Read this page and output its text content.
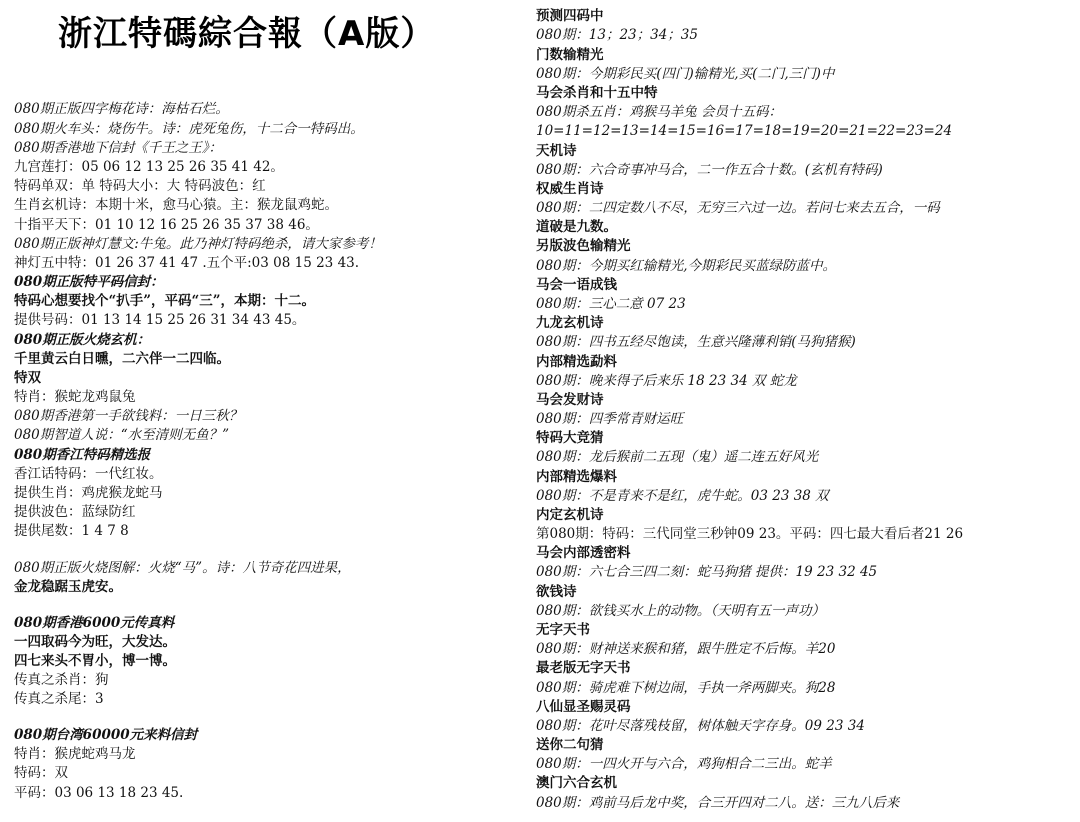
浙江特碼綜合報（A版）
080期正版四字梅花诗：海枯石烂。
080期火车头：烧伤牛。诗：虎死兔伤，十二合一特码出。
080期香港地下信封《千王之王》：
九宫莲打：05 06 12 13 25 26 35 41 42。
特码单双：单 特码大小：大 特码波色：红
生肖玄机诗：本期十米，愈马心猿。主：猴龙鼠鸡蛇。
十指平天下：01 10 12 16 25 26 35 37 38 46。
080期正版神灯慧文:牛兔。此乃神灯特码绝杀，请大家参考！
神灯五中特：01 26 37 41 47 .五个平:03 08 15 23 43.
080期正版特平码信封：
特码心想要找个“扒手”，平码“三”，本期：十二。
提供号码：01 13 14 15 25 26 31 34 43 45。
080期正版火烧玄机：
千里黄云白日曛，二六伴一二四临。
特双
特肖：猴蛇龙鸡鼠兔
080期香港第一手欲钱料：一日三秋？
080期智道人说：“水至清则无鱼？”
080期香江特码精选报
香江话特码：一代红妆。
提供生肖：鸡虎猴龙蛇马
提供波色：蓝绿防红
提供尾数：1 4 7 8
080期正版火烧图解：火烧“马”。诗：八节奇花四进果，
金龙稳踞玉虎安。
080期香港6000元传真料
一四取码今为旺，大发达。
四七来头不胃小，博一博。
传真之杀肖：狗
传真之杀尾：3
080期台湾60000元来料信封
特肖：猴虎蛇鸡马龙
特码：双
平码：03 06 13 18 23 45.
预测四码中
080期：13；23；34；35
门数输精光
080期：今期彩民买(四门)输精光,买(二门,三门)中
马会杀肖和十五中特
080期杀五肖：鸡猴马羊兔 会员十五码：
10=11=12=13=14=15=16=17=18=19=20=21=22=23=24
天机诗
080期：六合奇事冲马合，二一作五合十数。(玄机有特码)
权威生肖诗
080期：二四定数八不尽，无穷三六过一边。若问七来去五合，一码
道破是九数。
另版波色输精光
080期：今期买红输精光,今期彩民买蓝绿防蓝中。
马会一语成钱
080期：三心二意 07 23
九龙玄机诗
080期：四书五经尽饱读，生意兴隆薄利销(马狗猪猴)
内部精选勐料
080期：晚来得子后来乐 18 23 34 双 蛇龙
马会发财诗
080期：四季常青财运旺
特码大竞猜
080期：龙后猴前二五现（鬼）遥二连五好风光
内部精选爆料
080期：不是青来不是红，虎牛蛇。03 23 38 双
内定玄机诗
第080期：特码：三代同堂三秒钟09 23。平码：四七最大看后者21 26
马会内部透密料
080期：六七合三四二刻：蛇马狗猪 提供：19 23 32 45
欲钱诗
080期：欲钱买水上的动物。（天明有五一声功）
无字天书
080期：财神送来猴和猪，跟牛胜定不后悔。羊20
最老版无字天书
080期：骑虎难下树边闹，手执一斧两脚夹。狗28
八仙显圣赐灵码
080期：花叶尽落残枝留，树体触天字存身。09 23 34
送你二句猜
080期：一四火开与六合，鸡狗相合二三出。蛇羊
澳门六合玄机
080期：鸡前马后龙中奖，合三开四对二八。送：三九八后来
